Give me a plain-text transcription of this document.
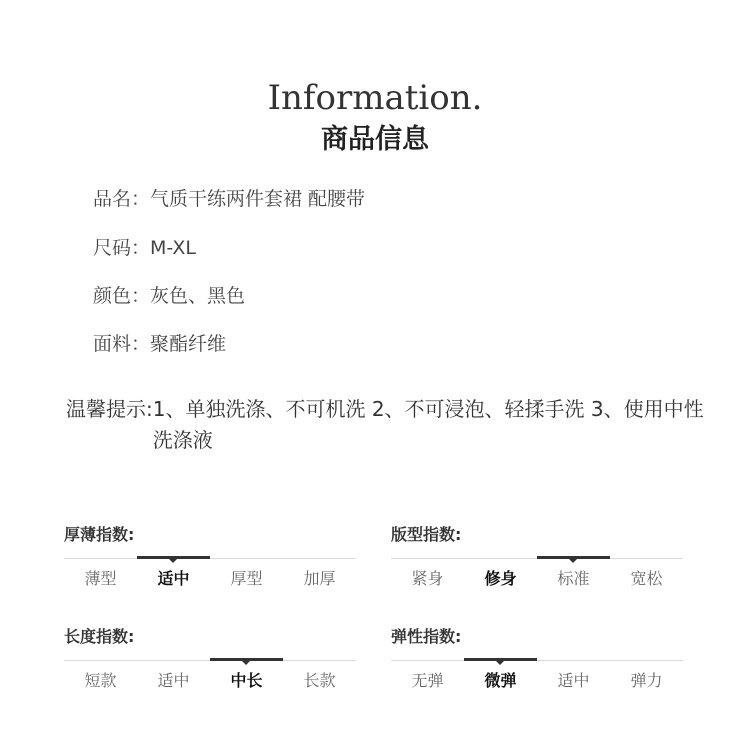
Information.
商品信息
品名：气质干练两件套裙 配腰带
尺码：M-XL
颜色：灰色、黑色
面料：聚酯纤维
温馨提示: 1、单独洗涤、不可机洗 2、不可浸泡、轻揉手洗 3、使用中性洗涤液
厚薄指数:
薄型	适中	厚型	加厚
版型指数:
紧身	修身	标准	宽松
长度指数:
短款	适中	中长	长款
弹性指数:
无弹	微弹	适中	弹力
